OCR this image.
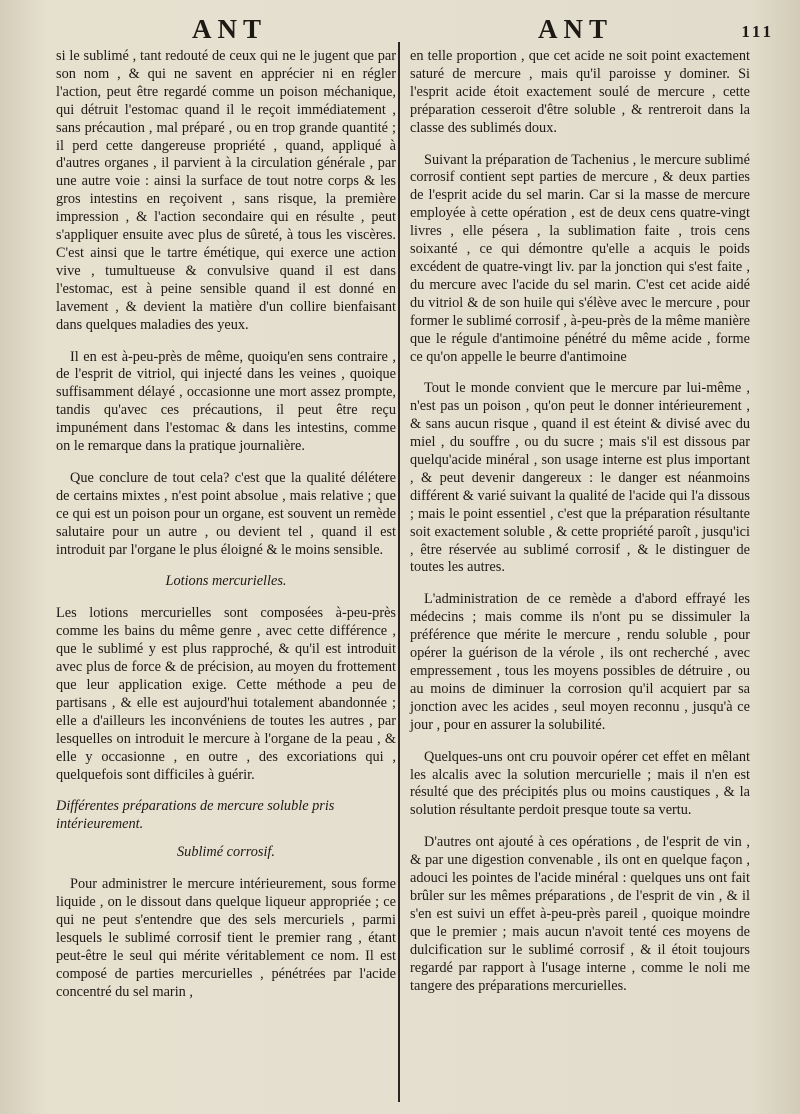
ANT	ANT	111

si le sublimé , tant redouté de ceux qui ne le jugent que par son nom , & qui ne savent en apprécier ni en régler l'action, peut être regardé comme un poison méchanique, qui détruit l'estomac quand il le reçoit immédiatement , sans précaution , mal préparé , ou en trop grande quantité ; il perd cette dangereuse propriété , quand, appliqué à d'autres organes , il parvient à la circulation générale , par une autre voie : ainsi la surface de tout notre corps & les gros intestins en reçoivent , sans risque, la première impression , & l'action secondaire qui en résulte , peut s'appliquer ensuite avec plus de sûreté, à tous les viscères. C'est ainsi que le tartre émétique, qui exerce une action vive , tumultueuse & convulsive quand il est dans l'estomac, est à peine sensible quand il est donné en lavement , & devient la matière d'un collire bienfaisant dans quelques maladies des yeux.

Il en est à-peu-près de même, quoiqu'en sens contraire , de l'esprit de vitriol, qui injecté dans les veines , quoique suffisamment délayé , occasionne une mort assez prompte, tandis qu'avec ces précautions, il peut être reçu impunément dans l'estomac & dans les intestins, comme on le remarque dans la pratique journalière.

Que conclure de tout cela? c'est que la qualité délétere de certains mixtes , n'est point absolue , mais relative ; que ce qui est un poison pour un organe, est souvent un remède salutaire pour un autre , ou devient tel , quand il est introduit par l'organe le plus éloigné & le moins sensible.

Lotions mercurielles.

Les lotions mercurielles sont composées à-peu-près comme les bains du même genre , avec cette différence , que le sublimé y est plus rapproché, & qu'il est introduit avec plus de force & de précision, au moyen du frottement que leur application exige. Cette méthode a peu de partisans , & elle est aujourd'hui totalement abandonnée ; elle a d'ailleurs les inconvéniens de toutes les autres , par lesquelles on introduit le mercure à l'organe de la peau , & elle y occasionne , en outre , des excoriations qui , quelquefois sont difficiles à guérir.

Différentes préparations de mercure soluble pris intérieurement.

Sublimé corrosif.

Pour administrer le mercure intérieurement, sous forme liquide , on le dissout dans quelque liqueur appropriée ; ce qui ne peut s'entendre que des sels mercuriels , parmi lesquels le sublimé corrosif tient le premier rang , étant peut-être le seul qui mérite véritablement ce nom. Il est composé de parties mercurielles , pénétrées par l'acide concentré du sel marin ,

en telle proportion , que cet acide ne soit point exactement saturé de mercure , mais qu'il paroisse y dominer. Si l'esprit acide étoit exactement soulé de mercure , cette préparation cesseroit d'être soluble , & rentreroit dans la classe des sublimés doux.

Suivant la préparation de Tachenius , le mercure sublimé corrosif contient sept parties de mercure , & deux parties de l'esprit acide du sel marin. Car si la masse de mercure employée à cette opération , est de deux cens quatre-vingt livres , elle pésera , la sublimation faite , trois cens soixanté , ce qui démontre qu'elle a acquis le poids excédent de quatre-vingt liv. par la jonction qui s'est faite , du mercure avec l'acide du sel marin. C'est cet acide aidé du vitriol & de son huile qui s'élève avec le mercure , pour former le sublimé corrosif , à-peu-près de la même manière que le régule d'antimoine pénétré du même acide , forme ce qu'on appelle le beurre d'antimoine

Tout le monde convient que le mercure par lui-même , n'est pas un poison , qu'on peut le donner intérieurement , & sans aucun risque , quand il est éteint & divisé avec du miel , du souffre , ou du sucre ; mais s'il est dissous par quelqu'acide minéral , son usage interne est plus important , & peut devenir dangereux : le danger est néanmoins différent & varié suivant la qualité de l'acide qui l'a dissous ; mais le point essentiel , c'est que la préparation résultante soit exactement soluble , & cette propriété paroît , jusqu'ici , être réservée au sublimé corrosif , & le distinguer de toutes les autres.

L'administration de ce remède a d'abord effrayé les médecins ; mais comme ils n'ont pu se dissimuler la préférence que mérite le mercure , rendu soluble , pour opérer la guérison de la vérole , ils ont recherché , avec empressement , tous les moyens possibles de détruire , ou au moins de diminuer la corrosion qu'il acquiert par sa jonction avec les acides , seul moyen reconnu , jusqu'à ce jour , pour en assurer la solubilité.

Quelques-uns ont cru pouvoir opérer cet effet en mêlant les alcalis avec la solution mercurielle ; mais il n'en est résulté que des précipités plus ou moins caustiques , & la solution résultante perdoit presque toute sa vertu.

D'autres ont ajouté à ces opérations , de l'esprit de vin , & par une digestion convenable , ils ont en quelque façon , adouci les pointes de l'acide minéral : quelques uns ont fait brûler sur les mêmes préparations , de l'esprit de vin , & il s'en est suivi un effet à-peu-près pareil , quoique moindre que le premier ; mais aucun n'avoit tenté ces moyens de dulcification sur le sublimé corrosif , & il étoit toujours regardé par rapport à l'usage interne , comme le noli me tangere des préparations mercurielles.
